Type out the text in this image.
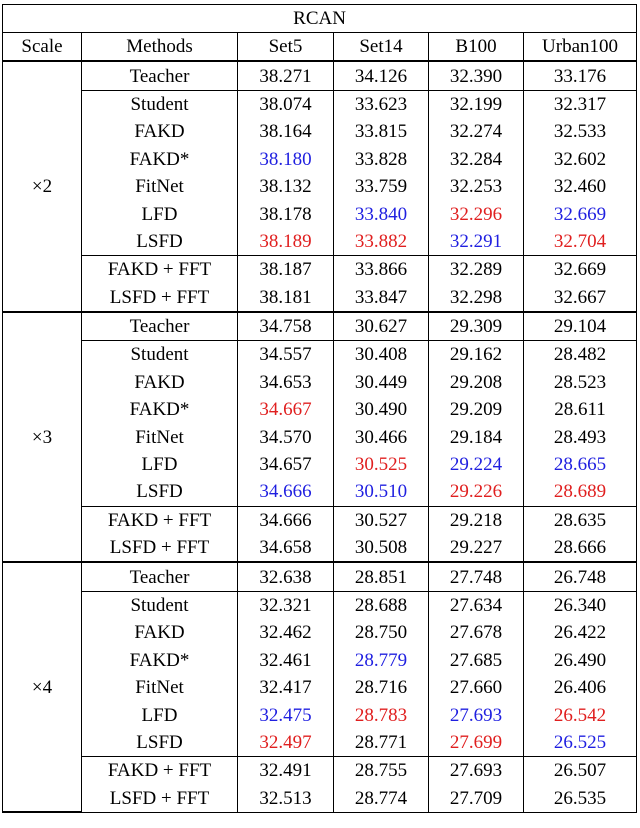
RCAN					
Scale	Methods	Set5	Set14	B100	Urban100
×2	Teacher	38.271	34.126	32.390	33.176
	Student	38.074	33.623	32.199	32.317
	FAKD	38.164	33.815	32.274	32.533
	FAKD*	38.180	33.828	32.284	32.602
	FitNet	38.132	33.759	32.253	32.460
	LFD	38.178	33.840	32.296	32.669
	LSFD	38.189	33.882	32.291	32.704
	FAKD + FFT	38.187	33.866	32.289	32.669
	LSFD + FFT	38.181	33.847	32.298	32.667
×3	Teacher	34.758	30.627	29.309	29.104
	Student	34.557	30.408	29.162	28.482
	FAKD	34.653	30.449	29.208	28.523
	FAKD*	34.667	30.490	29.209	28.611
	FitNet	34.570	30.466	29.184	28.493
	LFD	34.657	30.525	29.224	28.665
	LSFD	34.666	30.510	29.226	28.689
	FAKD + FFT	34.666	30.527	29.218	28.635
	LSFD + FFT	34.658	30.508	29.227	28.666
×4	Teacher	32.638	28.851	27.748	26.748
	Student	32.321	28.688	27.634	26.340
	FAKD	32.462	28.750	27.678	26.422
	FAKD*	32.461	28.779	27.685	26.490
	FitNet	32.417	28.716	27.660	26.406
	LFD	32.475	28.783	27.693	26.542
	LSFD	32.497	28.771	27.699	26.525
	FAKD + FFT	32.491	28.755	27.693	26.507
	LSFD + FFT	32.513	28.774	27.709	26.535
